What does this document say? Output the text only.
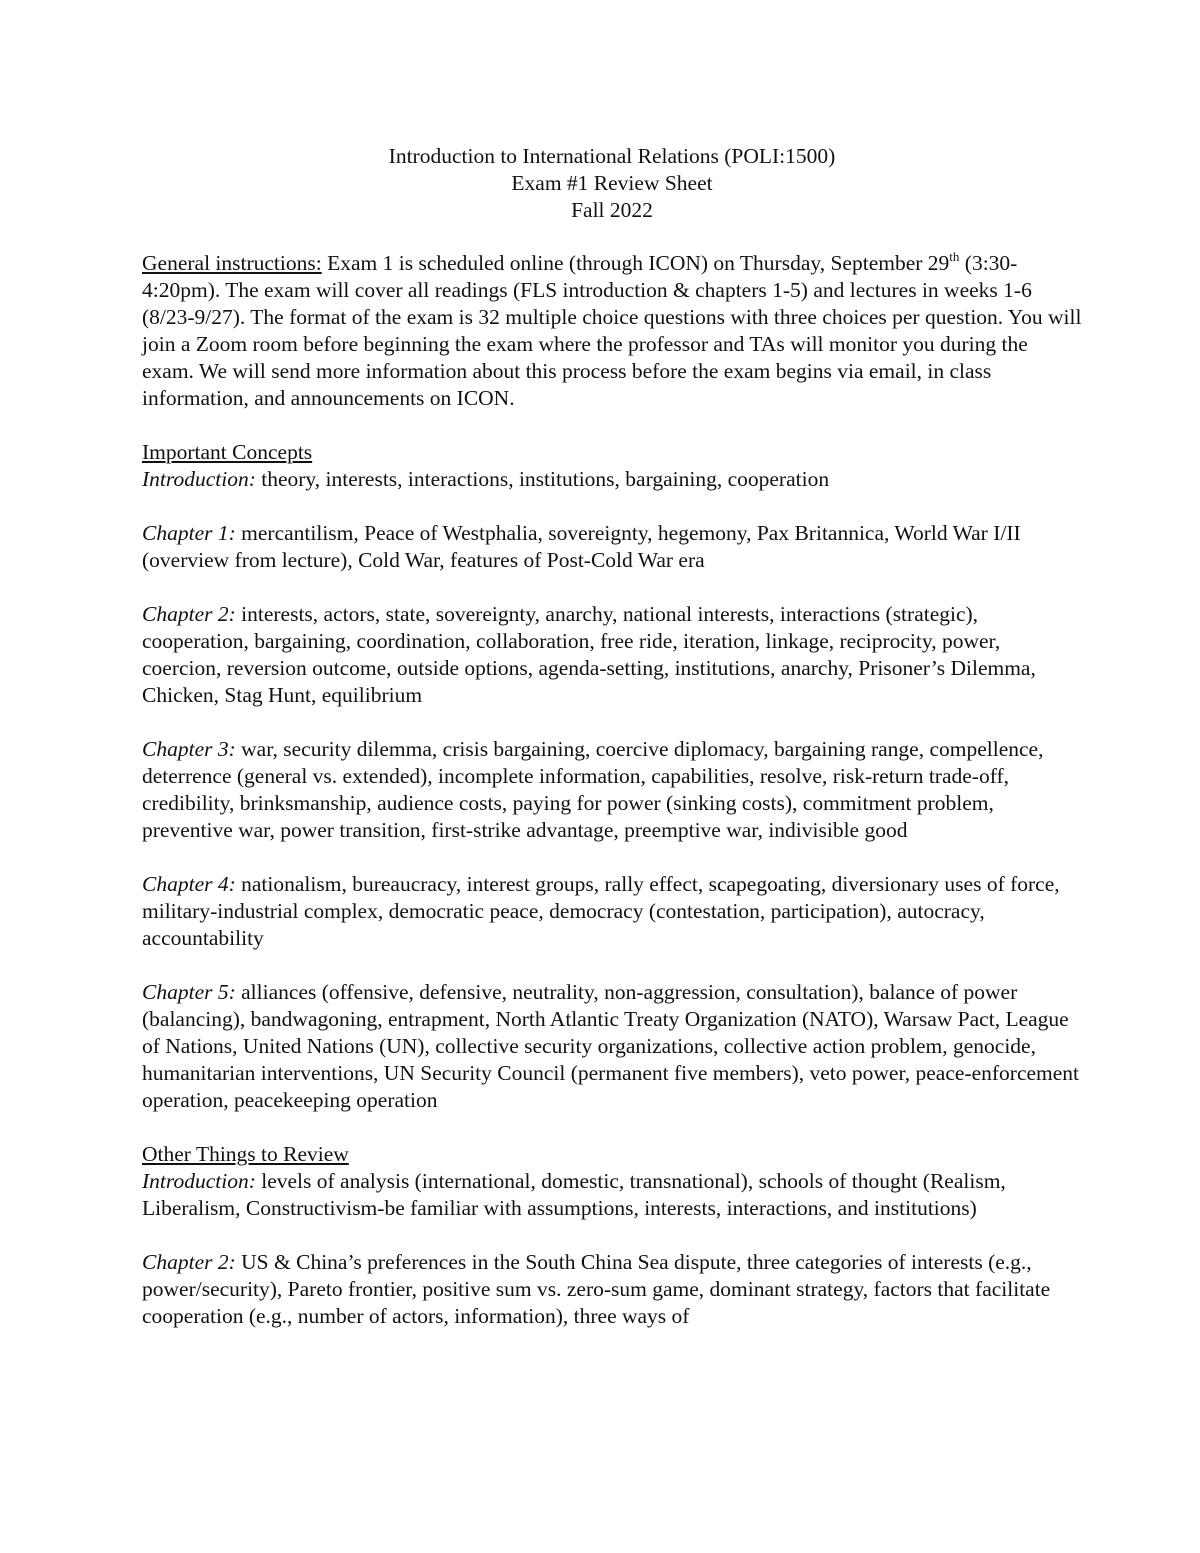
Introduction to International Relations (POLI:1500)
Exam #1 Review Sheet
Fall 2022

General instructions: Exam 1 is scheduled online (through ICON) on Thursday, September 29th (3:30-4:20pm). The exam will cover all readings (FLS introduction & chapters 1-5) and lectures in weeks 1-6 (8/23-9/27). The format of the exam is 32 multiple choice questions with three choices per question. You will join a Zoom room before beginning the exam where the professor and TAs will monitor you during the exam. We will send more information about this process before the exam begins via email, in class information, and announcements on ICON.

Important Concepts

Introduction: theory, interests, interactions, institutions, bargaining, cooperation

Chapter 1: mercantilism, Peace of Westphalia, sovereignty, hegemony, Pax Britannica, World War I/II (overview from lecture), Cold War, features of Post-Cold War era

Chapter 2: interests, actors, state, sovereignty, anarchy, national interests, interactions (strategic), cooperation, bargaining, coordination, collaboration, free ride, iteration, linkage, reciprocity, power, coercion, reversion outcome, outside options, agenda-setting, institutions, anarchy, Prisoner’s Dilemma, Chicken, Stag Hunt, equilibrium

Chapter 3: war, security dilemma, crisis bargaining, coercive diplomacy, bargaining range, compellence, deterrence (general vs. extended), incomplete information, capabilities, resolve, risk-return trade-off, credibility, brinksmanship, audience costs, paying for power (sinking costs), commitment problem, preventive war, power transition, first-strike advantage, preemptive war, indivisible good

Chapter 4: nationalism, bureaucracy, interest groups, rally effect, scapegoating, diversionary uses of force, military-industrial complex, democratic peace, democracy (contestation, participation), autocracy, accountability

Chapter 5: alliances (offensive, defensive, neutrality, non-aggression, consultation), balance of power (balancing), bandwagoning, entrapment, North Atlantic Treaty Organization (NATO), Warsaw Pact, League of Nations, United Nations (UN), collective security organizations, collective action problem, genocide, humanitarian interventions, UN Security Council (permanent five members), veto power, peace-enforcement operation, peacekeeping operation

Other Things to Review

Introduction: levels of analysis (international, domestic, transnational), schools of thought (Realism, Liberalism, Constructivism-be familiar with assumptions, interests, interactions, and institutions)

Chapter 2: US & China’s preferences in the South China Sea dispute, three categories of interests (e.g., power/security), Pareto frontier, positive sum vs. zero-sum game, dominant strategy, factors that facilitate cooperation (e.g., number of actors, information), three ways of
